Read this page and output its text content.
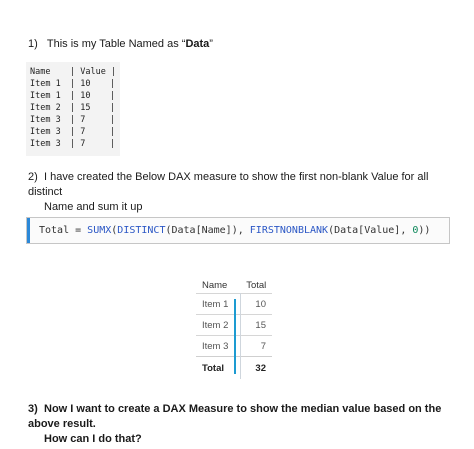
1) This is my Table Named as “Data”
Name | Value |
Item 1 | 10 |
Item 1 | 10 |
Item 2 | 15 |
Item 3 | 7	|
Item 3 | 7	|
Item 3 | 7	|
2) I have created the Below DAX measure to show the first non-blank Value for all distinct
Name and sum it up
Total = SUMX(DISTINCT(Data[Name]), FIRSTNONBLANK(Data[Value], 0))
Name	Total
Item 1	10
Item 2	15
Item 3	7
Total	32
3) Now I want to create a DAX Measure to show the median value based on the above result.
How can I do that?
